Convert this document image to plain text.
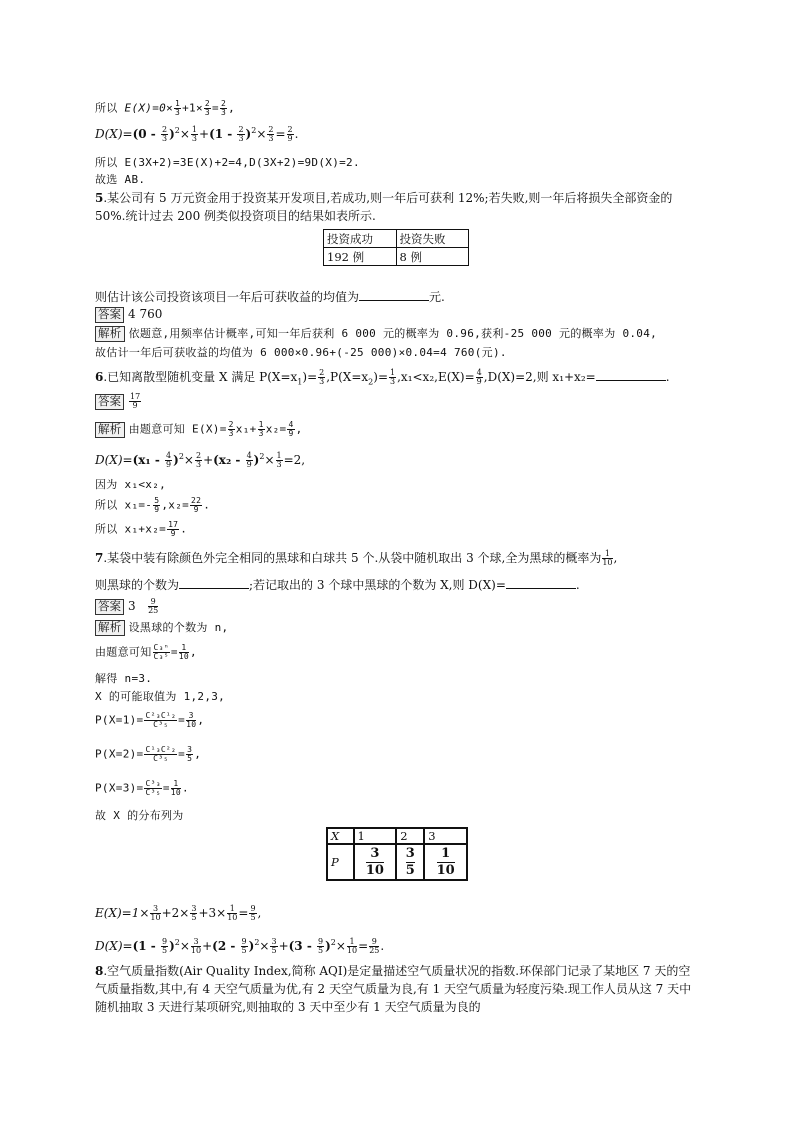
所以 $E(X)=0\times \frac{1}{3} +1\times \frac{2}{3} = \frac{2}{3}$ ,
$D(X)=(0 - \frac{2}{3} )^2\times \frac{1}{3} +(1 - \frac{2}{3} )^2\times \frac{2}{3} = \frac{2}{9}$ .
所以 E(3X+2)=3E(X)+2=4,D(3X+2)=9D(X)=2.
故选 AB.
5.某公司有 5 万元资金用于投资某开发项目,若成功,则一年后可获利 12%;若失败,则一年后将损失全部资金的 50%.统计过去 200 例类似投资项目的结果如表所示.
投资成功	投资失败
192 例	8 例
则估计该公司投资该项目一年后可获收益的均值为	元.
答案 4 760
解析 依题意,用频率估计概率,可知一年后获利 6 000 元的概率为 0.96,获利-25 000 元的概率为 0.04,
故估计一年后可获收益的均值为 6 000×0.96+(-25 000)×0.04=4 760(元).
6.已知离散型随机变量 X 满足 $P(X=x_1)= \frac{2}{3} ,P(X=x_2)= \frac{1}{3} ,x_1<x_2,E(X)= \frac{4}{9} ,D(X)=2$,则 x₁+x₂=	.
答案 $\frac{17}{9}$
解析 由题意可知 $E(X)= \frac{2}{3} x_1+ \frac{1}{3} x_2= \frac{4}{9}$ ,
$D(X)=(x_1 - \frac{4}{9} )^2\times \frac{2}{3} +(x_2 - \frac{4}{9} )^2\times \frac{1}{3} =2$,
因为 x₁<x₂,
所以 $x_1=- \frac{5}{9} ,x_2= \frac{22}{9}$ .
所以 $x_1+x_2= \frac{17}{9}$ .
7.某袋中装有除颜色外完全相同的黑球和白球共 5 个.从袋中随机取出 3 个球,全为黑球的概率为 $\frac{1}{10}$ ,
则黑球的个数为	;若记取出的 3 个球中黑球的个数为 X,则 D(X)=	.
答案 $3 \frac{9}{25}$
解析 设黑球的个数为 n,
由题意可知 $\frac{\text{C₃ⁿ}}{\text{C₃⁵}} = \frac{1}{10}$ ,
解得 n=3.
X 的可能取值为 1,2,3,
$P(X=1)= \frac{\text{C²₃C¹₂}}{\text{C³₅}} = \frac{3}{10}$ ,
$P(X=2)= \frac{\text{C¹₃C²₂}}{\text{C³₅}} = \frac{3}{5}$ ,
$P(X=3)= \frac{\text{C³₃}}{\text{C³₅}} = \frac{1}{10}$ .
故 X 的分布列为
X	1	2	3
P	$\frac{3}{10}$	$\frac{3}{5}$	$\frac{1}{10}$
$E(X)=1\times \frac{3}{10} +2\times \frac{3}{5} +3\times \frac{1}{10} = \frac{9}{5}$ ,
$D(X)=(1 - \frac{9}{5} )^2\times \frac{3}{10} +(2 - \frac{9}{5} )^2\times \frac{3}{5} +(3 - \frac{9}{5} )^2\times \frac{1}{10} = \frac{9}{25}$ .
8.空气质量指数(Air Quality Index,简称 AQI)是定量描述空气质量状况的指数.环保部门记录了某地区 7 天的空气质量指数,其中,有 4 天空气质量为优,有 2 天空气质量为良,有 1 天空气质量为轻度污染.现工作人员从这 7 天中随机抽取 3 天进行某项研究,则抽取的 3 天中至少有 1 天空气质量为良的
